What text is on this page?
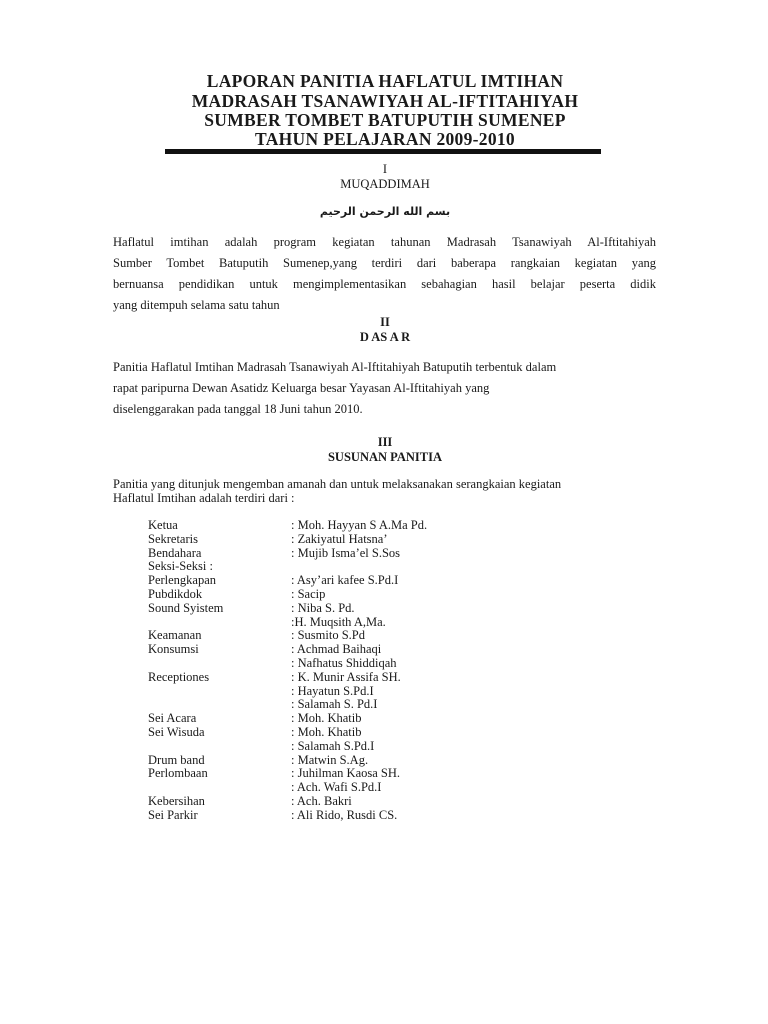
LAPORAN PANITIA HAFLATUL IMTIHAN
MADRASAH TSANAWIYAH AL-IFTITAHIYAH
SUMBER TOMBET BATUPUTIH SUMENEP
TAHUN PELAJARAN 2009-2010
I
MUQADDIMAH
بسم الله الرحمن الرحيم
Haflatul imtihan adalah program kegiatan tahunan Madrasah Tsanawiyah Al-Iftitahiyah
Sumber Tombet Batuputih Sumenep,yang terdiri dari baberapa rangkaian kegiatan yang
bernuansa pendidikan untuk mengimplementasikan sebahagian hasil belajar peserta didik
yang ditempuh selama satu tahun
II
D AS A R
Panitia Haflatul Imtihan Madrasah Tsanawiyah Al-Iftitahiyah Batuputih terbentuk dalam
rapat paripurna Dewan Asatidz Keluarga besar Yayasan Al-Iftitahiyah yang
diselenggarakan pada tanggal 18 Juni tahun 2010.
III
SUSUNAN PANITIA
Panitia yang ditunjuk mengemban amanah dan untuk melaksanakan serangkaian kegiatan
Haflatul Imtihan adalah terdiri dari :
Ketua	: Moh. Hayyan S A.Ma Pd.
Sekretaris	: Zakiyatul Hatsna’
Bendahara	: Mujib Isma’el S.Sos
Seksi-Seksi :
Perlengkapan	: Asy’ari kafee S.Pd.I
Pubdikdok	: Sacip
Sound Syistem	: Niba S. Pd.
:H. Muqsith A,Ma.
Keamanan	: Susmito S.Pd
Konsumsi	: Achmad Baihaqi
: Nafhatus Shiddiqah
Receptiones	: K. Munir Assifa SH.
: Hayatun S.Pd.I
: Salamah S. Pd.I
Sei Acara	: Moh. Khatib
Sei Wisuda	: Moh. Khatib
: Salamah S.Pd.I
Drum band	: Matwin S.Ag.
Perlombaan	: Juhilman Kaosa SH.
: Ach. Wafi S.Pd.I
Kebersihan	: Ach. Bakri
Sei Parkir	: Ali Rido, Rusdi CS.
